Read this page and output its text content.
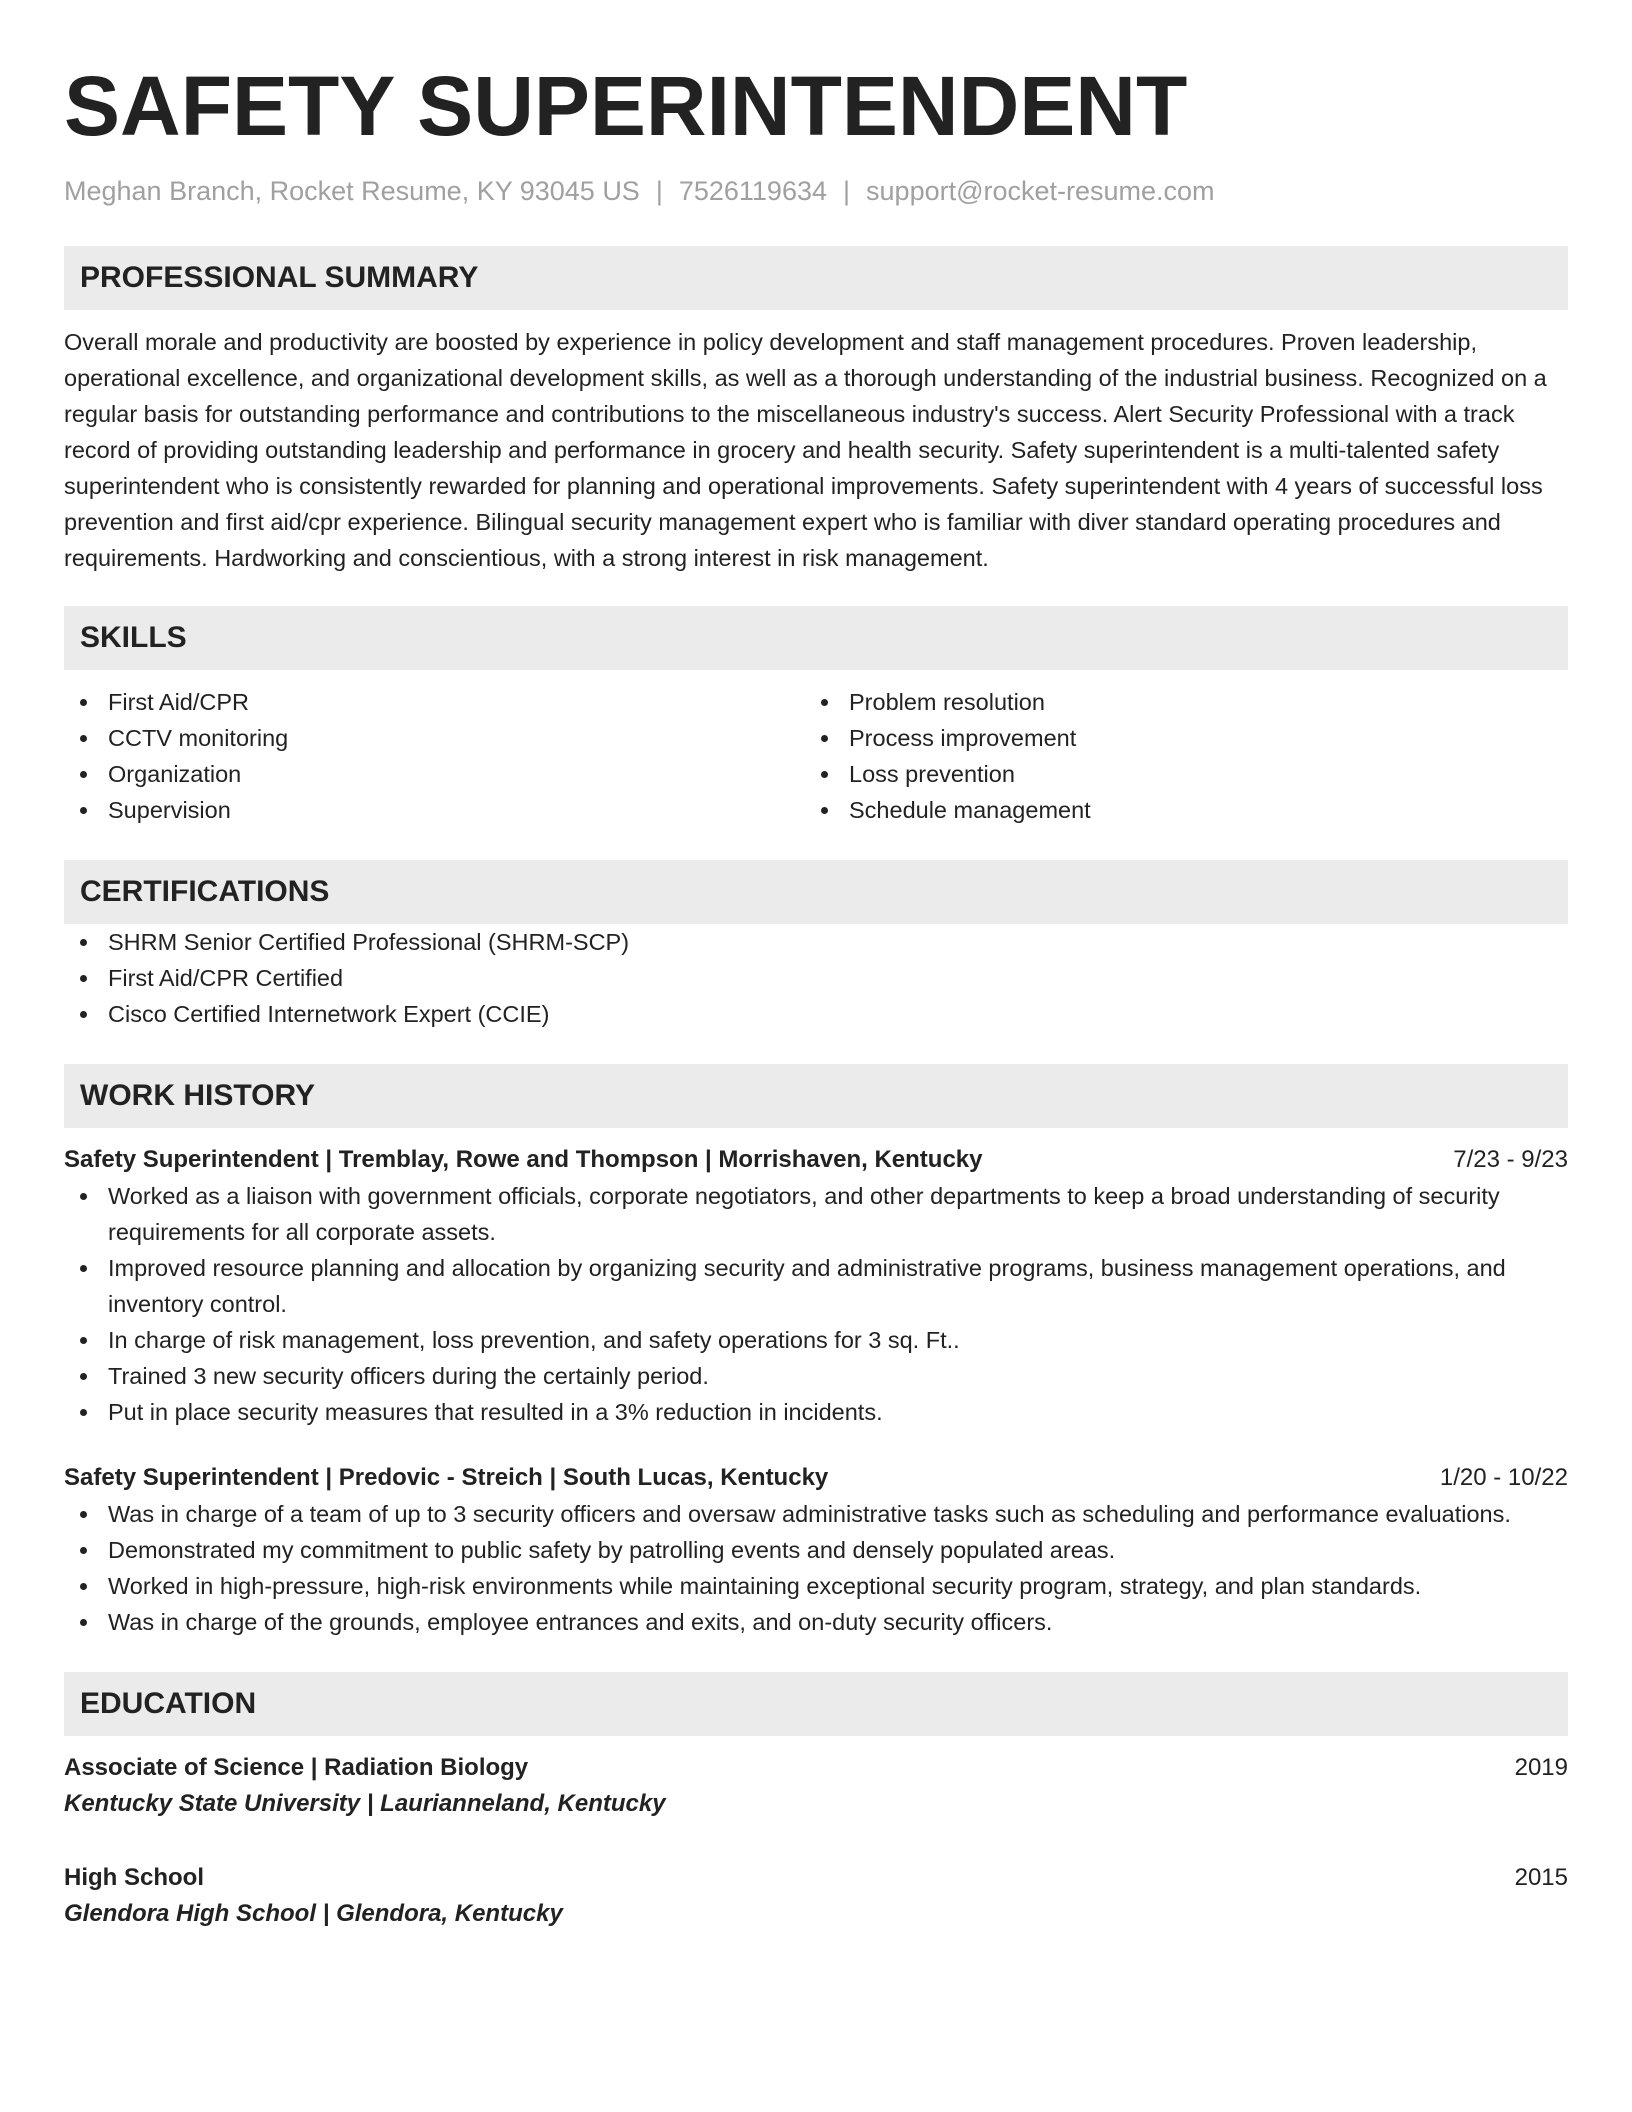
SAFETY SUPERINTENDENT
Meghan Branch, Rocket Resume, KY 93045 US | 7526119634 | support@rocket-resume.com
PROFESSIONAL SUMMARY

Overall morale and productivity are boosted by experience in policy development and staff management procedures. Proven leadership, operational excellence, and organizational development skills, as well as a thorough understanding of the industrial business. Recognized on a regular basis for outstanding performance and contributions to the miscellaneous industry's success. Alert Security Professional with a track record of providing outstanding leadership and performance in grocery and health security. Safety superintendent is a multi-talented safety superintendent who is consistently rewarded for planning and operational improvements. Safety superintendent with 4 years of successful loss prevention and first aid/cpr experience. Bilingual security management expert who is familiar with diver standard operating procedures and requirements. Hardworking and conscientious, with a strong interest in risk management.

SKILLS
First Aid/CPR
CCTV monitoring
Organization
Supervision
Problem resolution
Process improvement
Loss prevention
Schedule management
CERTIFICATIONS
SHRM Senior Certified Professional (SHRM-SCP)
First Aid/CPR Certified
Cisco Certified Internetwork Expert (CCIE)
WORK HISTORY
Safety Superintendent | Tremblay, Rowe and Thompson | Morrishaven, Kentucky	7/23 - 9/23
Worked as a liaison with government officials, corporate negotiators, and other departments to keep a broad understanding of security requirements for all corporate assets.
Improved resource planning and allocation by organizing security and administrative programs, business management operations, and inventory control.
In charge of risk management, loss prevention, and safety operations for 3 sq. Ft..
Trained 3 new security officers during the certainly period.
Put in place security measures that resulted in a 3% reduction in incidents.
Safety Superintendent | Predovic - Streich | South Lucas, Kentucky	1/20 - 10/22
Was in charge of a team of up to 3 security officers and oversaw administrative tasks such as scheduling and performance evaluations.
Demonstrated my commitment to public safety by patrolling events and densely populated areas.
Worked in high-pressure, high-risk environments while maintaining exceptional security program, strategy, and plan standards.
Was in charge of the grounds, employee entrances and exits, and on-duty security officers.
EDUCATION
Associate of Science | Radiation Biology	2019
Kentucky State University | Laurianneland, Kentucky
High School	2015
Glendora High School | Glendora, Kentucky
